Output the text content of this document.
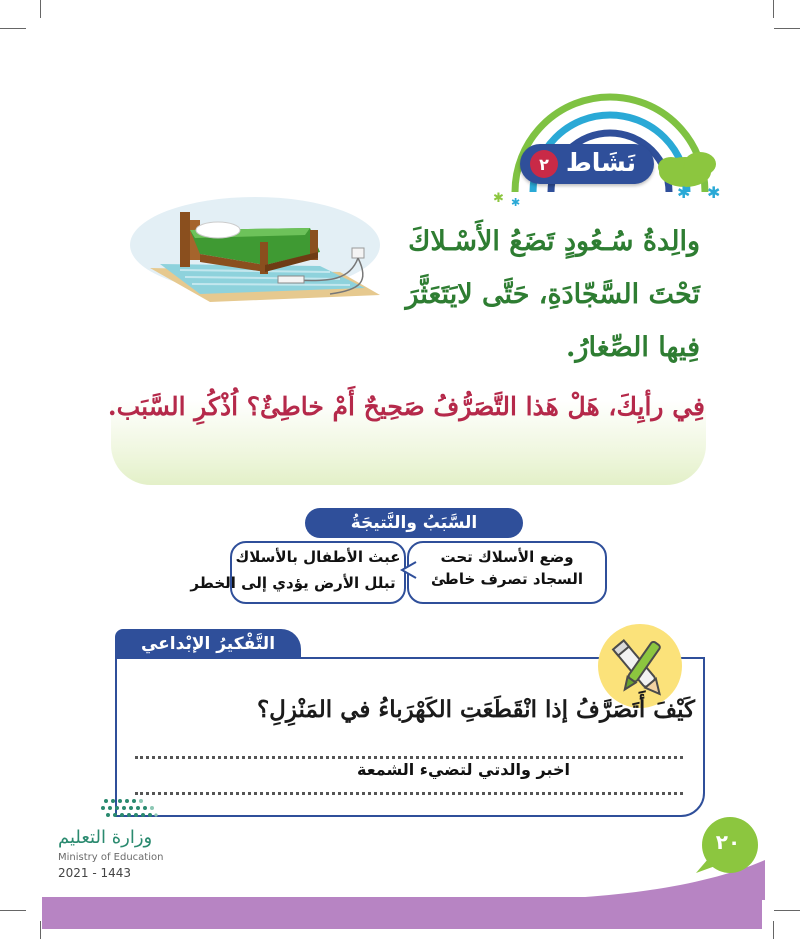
✱ ✱
✱ ✱
نَشَاط
٢
والِدةُ سُـعُودٍ تَضَعُ الأَسْـلاكَ
تَحْتَ السَّجّادَةِ، حَتَّى لايَتَعَثَّرَ
فِيها الصِّغارُ.
فِي رأيِكَ، هَلْ هَذا التَّصَرُّفُ صَحِيحٌ أَمْ خاطِئٌ؟ اُذْكُرِ السَّبَب.
السَّبَبُ والنَّتيجَةُ
وضع الأسلاك تحت
السجاد تصرف خاطئ
عبث الأطفال بالأسلاك
تبلل الأرض يؤدي إلى الخطر
التَّفْكيرُ الإبْداعي
كَيْفَ أَتَصَرَّفُ إذا انْقَطَعَتِ الكَهْرَباءُ في المَنْزِلِ؟
اخبر والدتي لتضيء الشمعة
وزارة التعليم
Ministry of Education
2021 - 1443
٢٠
